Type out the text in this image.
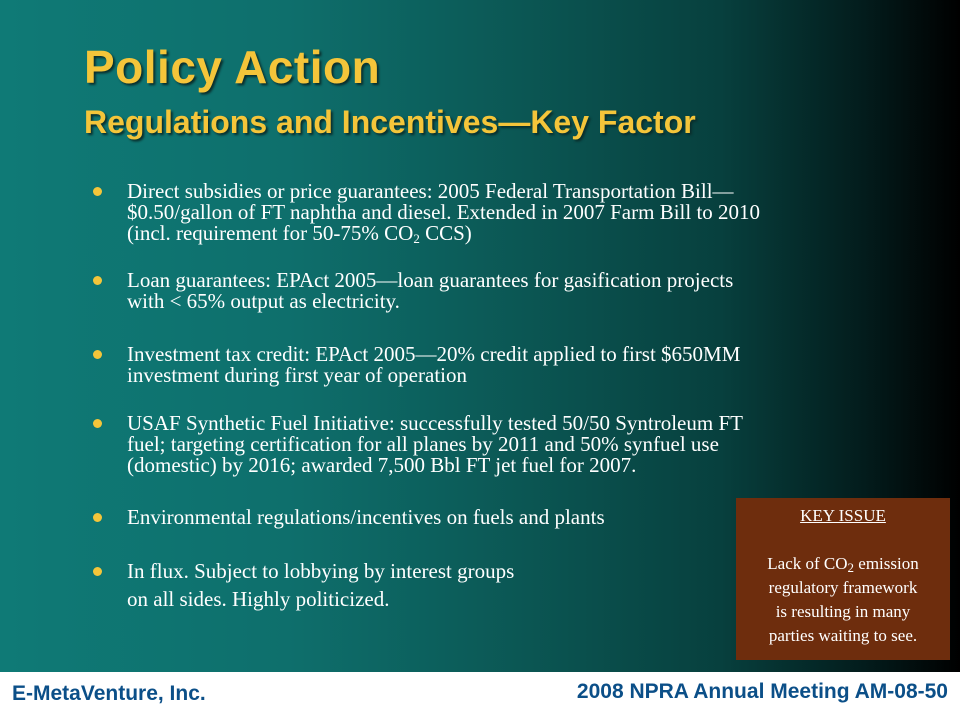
Policy Action
Regulations and Incentives—Key Factor

Direct subsidies or price guarantees: 2005 Federal Transportation Bill—
$0.50/gallon of FT naphtha and diesel. Extended in 2007 Farm Bill to 2010
(incl. requirement for 50-75% $CO_2$ CCS)

Loan guarantees: EPAct 2005—loan guarantees for gasification projects
with < 65% output as electricity.

Investment tax credit: EPAct 2005—20% credit applied to first $650MM
investment during first year of operation

USAF Synthetic Fuel Initiative: successfully tested 50/50 Syntroleum FT
fuel; targeting certification for all planes by 2011 and 50% synfuel use
(domestic) by 2016; awarded 7,500 Bbl FT jet fuel for 2007.

Environmental regulations/incentives on fuels and plants

In flux. Subject to lobbying by interest groups
on all sides. Highly politicized.

KEY ISSUE
Lack of $CO_2$ emission
regulatory framework
is resulting in many
parties waiting to see.
E-MetaVenture, Inc.	2008 NPRA Annual Meeting AM-08-50
